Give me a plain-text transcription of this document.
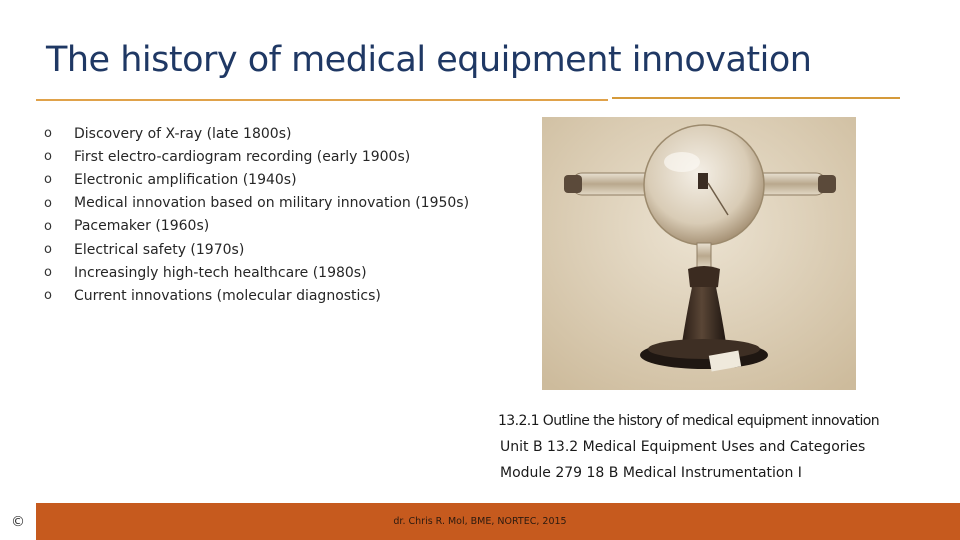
The history of medical equipment innovation
o	Discovery of X-ray (late 1800s)
o	First electro-cardiogram recording (early 1900s)
o	Electronic amplification (1940s)
o	Medical innovation based on military innovation (1950s)
o	Pacemaker (1960s)
o	Electrical safety (1970s)
o	Increasingly high-tech healthcare (1980s)
o	Current innovations (molecular diagnostics)
13.2.1 Outline the history of medical equipment innovation
Unit B 13.2 Medical Equipment Uses and Categories
Module 279 18 B Medical Instrumentation I
dr. Chris R. Mol, BME, NORTEC, 2015
©
